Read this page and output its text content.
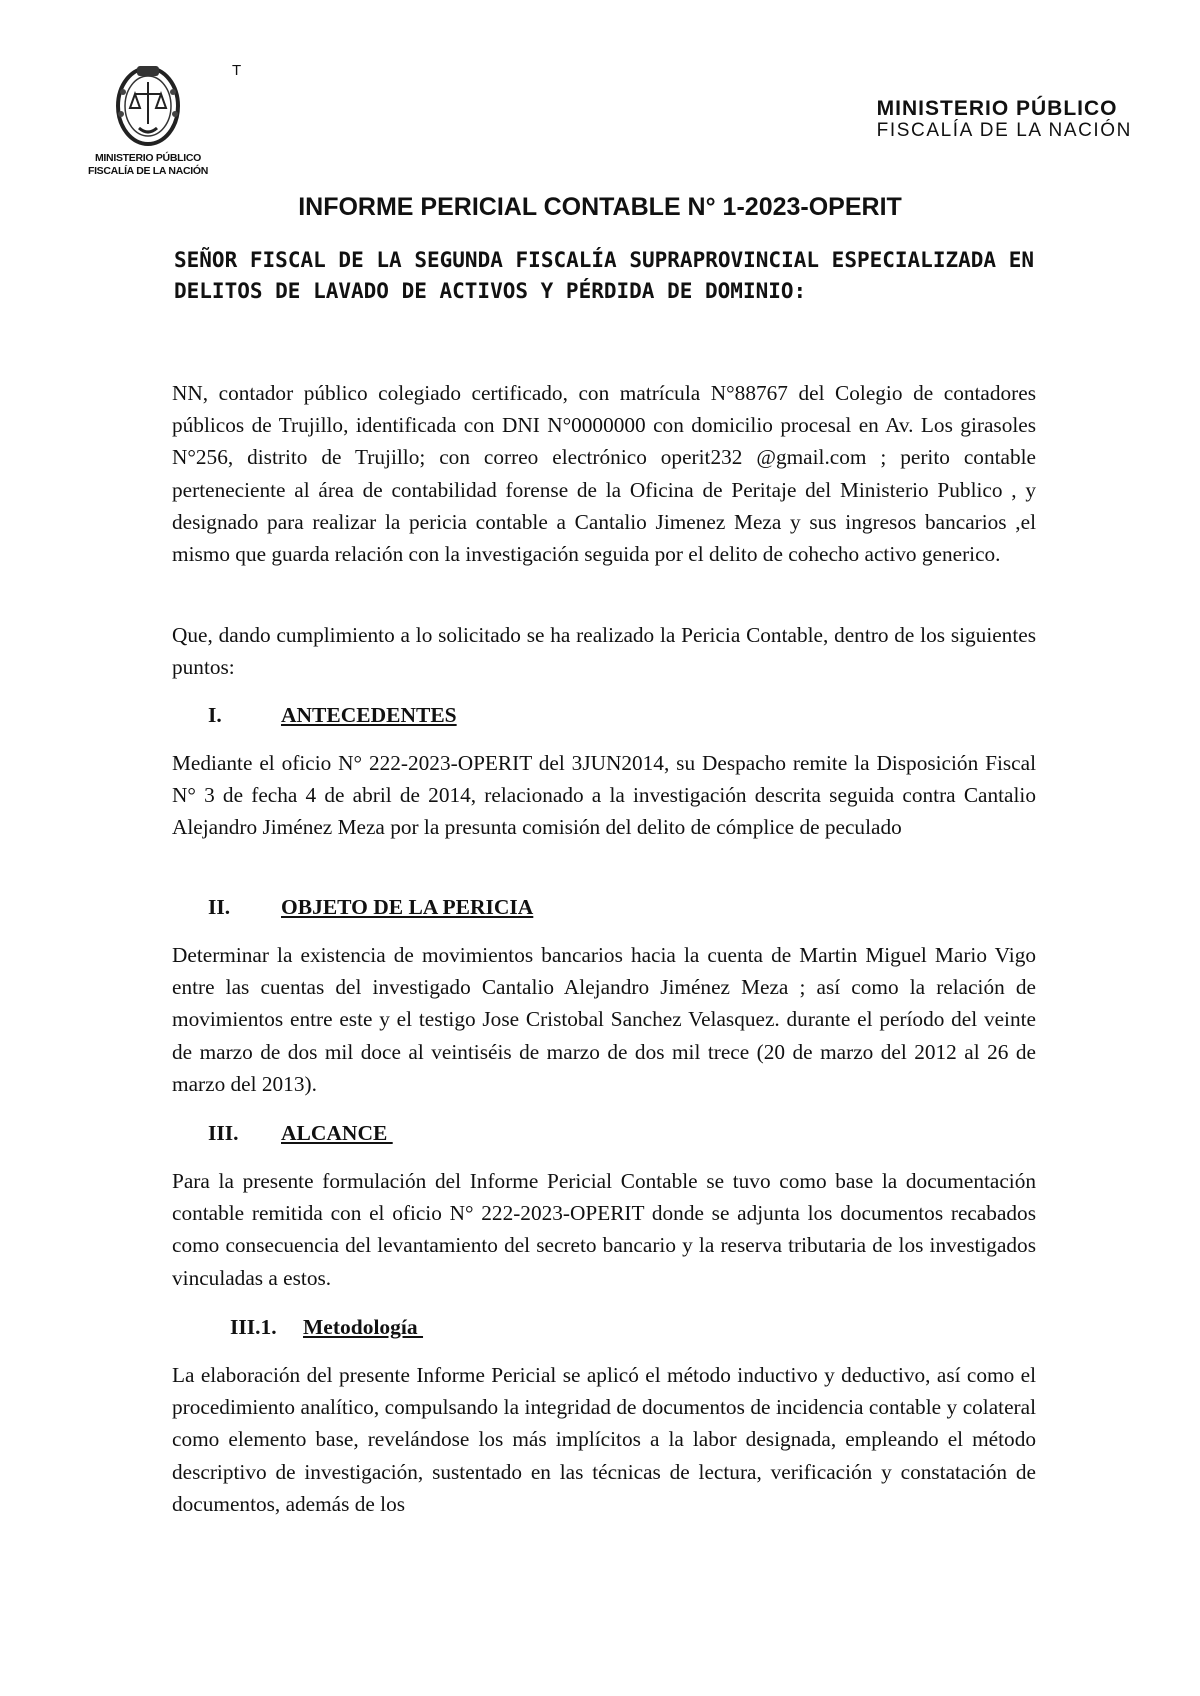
T
MINISTERIO PÚBLICO
FISCALÍA DE LA NACIÓN
MINISTERIO PÚBLICO
FISCALÍA DE LA NACIÓN
INFORME PERICIAL CONTABLE N° 1-2023-OPERIT
SEÑOR FISCAL DE LA SEGUNDA FISCALÍA SUPRAPROVINCIAL ESPECIALIZADA EN DELITOS DE LAVADO DE ACTIVOS Y PÉRDIDA DE DOMINIO:
NN, contador público colegiado certificado, con matrícula N°88767 del Colegio de contadores públicos de Trujillo, identificada con DNI N°0000000 con domicilio procesal en Av. Los girasoles N°256, distrito de Trujillo; con correo electrónico operit232 @gmail.com ; perito contable perteneciente al área de contabilidad forense de la Oficina de Peritaje del Ministerio Publico , y designado para realizar la pericia contable a Cantalio Jimenez Meza y sus ingresos bancarios ,el mismo que guarda relación con la investigación seguida por el delito de cohecho activo generico.
Que, dando cumplimiento a lo solicitado se ha realizado la Pericia Contable, dentro de los siguientes puntos:
I.	ANTECEDENTES
Mediante el oficio N° 222-2023-OPERIT del 3JUN2014, su Despacho remite la Disposición Fiscal N° 3 de fecha 4 de abril de 2014, relacionado a la investigación descrita seguida contra Cantalio Alejandro Jiménez Meza por la presunta comisión del delito de cómplice de peculado
II. OBJETO DE LA PERICIA
Determinar la existencia de movimientos bancarios hacia la cuenta de Martin Miguel Mario Vigo entre las cuentas del investigado Cantalio Alejandro Jiménez Meza ; así como la relación de movimientos entre este y el testigo Jose Cristobal Sanchez Velasquez. durante el período del veinte de marzo de dos mil doce al veintiséis de marzo de dos mil trece (20 de marzo del 2012 al 26 de marzo del 2013).
III. ALCANCE
Para la presente formulación del Informe Pericial Contable se tuvo como base la documentación contable remitida con el oficio N° 222-2023-OPERIT donde se adjunta los documentos recabados como consecuencia del levantamiento del secreto bancario y la reserva tributaria de los investigados vinculadas a estos.
III.1. Metodología
La elaboración del presente Informe Pericial se aplicó el método inductivo y deductivo, así como el procedimiento analítico, compulsando la integridad de documentos de incidencia contable y colateral como elemento base, revelándose los más implícitos a la labor designada, empleando el método descriptivo de investigación, sustentado en las técnicas de lectura, verificación y constatación de documentos, además de los
